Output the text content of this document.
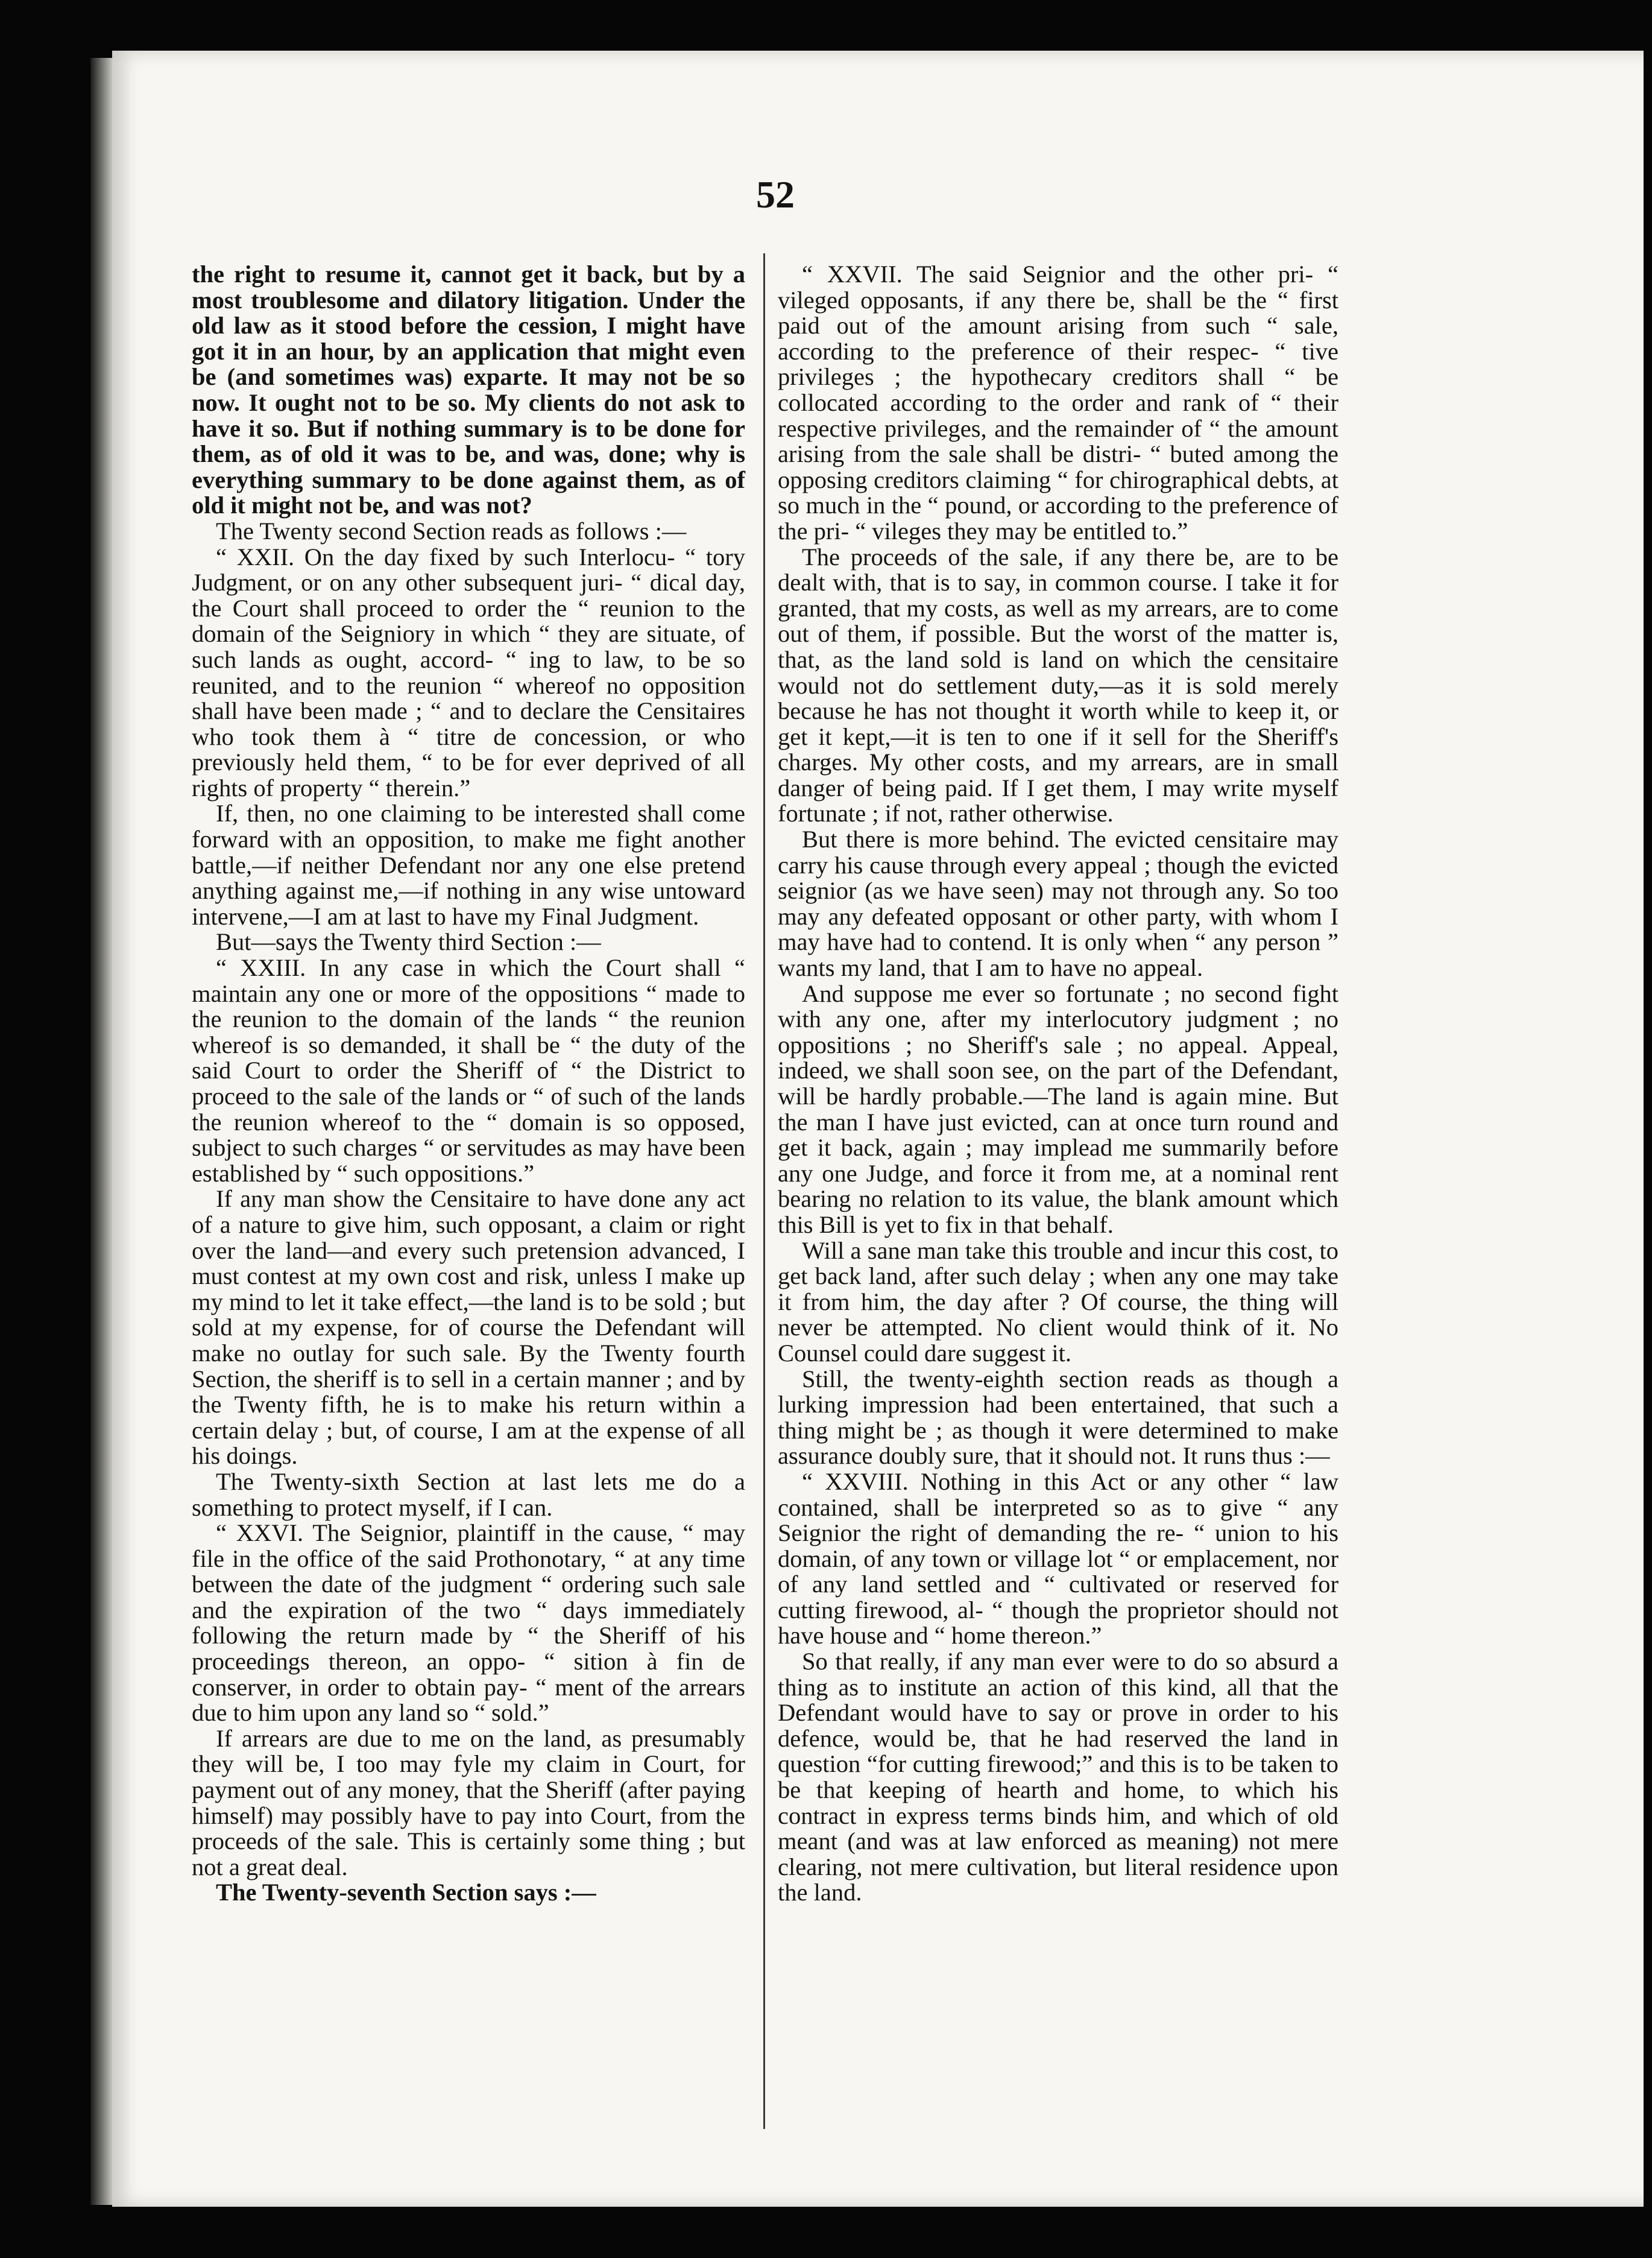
52

the right to resume it, cannot get it back, but by a most troublesome and dilatory litigation. Under the old law as it stood before the cession, I might have got it in an hour, by an application that might even be (and sometimes was) exparte. It may not be so now. It ought not to be so. My clients do not ask to have it so. But if nothing summary is to be done for them, as of old it was to be, and was, done; why is everything summary to be done against them, as of old it might not be, and was not?

The Twenty second Section reads as follows :—

“ XXII. On the day fixed by such Interlocu- “ tory Judgment, or on any other subsequent juri- “ dical day, the Court shall proceed to order the “ reunion to the domain of the Seigniory in which “ they are situate, of such lands as ought, accord- “ ing to law, to be so reunited, and to the reunion “ whereof no opposition shall have been made ; “ and to declare the Censitaires who took them à “ titre de concession, or who previously held them, “ to be for ever deprived of all rights of property “ therein.”

If, then, no one claiming to be interested shall come forward with an opposition, to make me fight another battle,—if neither Defendant nor any one else pretend anything against me,—if nothing in any wise untoward intervene,—I am at last to have my Final Judgment.

But—says the Twenty third Section :—

“ XXIII. In any case in which the Court shall “ maintain any one or more of the oppositions “ made to the reunion to the domain of the lands “ the reunion whereof is so demanded, it shall be “ the duty of the said Court to order the Sheriff of “ the District to proceed to the sale of the lands or “ of such of the lands the reunion whereof to the “ domain is so opposed, subject to such charges “ or servitudes as may have been established by “ such oppositions.”

If any man show the Censitaire to have done any act of a nature to give him, such opposant, a claim or right over the land—and every such pretension advanced, I must contest at my own cost and risk, unless I make up my mind to let it take effect,—the land is to be sold ; but sold at my expense, for of course the Defendant will make no outlay for such sale. By the Twenty fourth Section, the sheriff is to sell in a certain manner ; and by the Twenty fifth, he is to make his return within a certain delay ; but, of course, I am at the expense of all his doings.

The Twenty-sixth Section at last lets me do a something to protect myself, if I can.

“ XXVI. The Seignior, plaintiff in the cause, “ may file in the office of the said Prothonotary, “ at any time between the date of the judgment “ ordering such sale and the expiration of the two “ days immediately following the return made by “ the Sheriff of his proceedings thereon, an oppo- “ sition à fin de conserver, in order to obtain pay- “ ment of the arrears due to him upon any land so “ sold.”

If arrears are due to me on the land, as presumably they will be, I too may fyle my claim in Court, for payment out of any money, that the Sheriff (after paying himself) may possibly have to pay into Court, from the proceeds of the sale. This is certainly some thing ; but not a great deal.

The Twenty-seventh Section says :—

“ XXVII. The said Seignior and the other pri- “ vileged opposants, if any there be, shall be the “ first paid out of the amount arising from such “ sale, according to the preference of their respec- “ tive privileges ; the hypothecary creditors shall “ be collocated according to the order and rank of “ their respective privileges, and the remainder of “ the amount arising from the sale shall be distri- “ buted among the opposing creditors claiming “ for chirographical debts, at so much in the “ pound, or according to the preference of the pri- “ vileges they may be entitled to.”

The proceeds of the sale, if any there be, are to be dealt with, that is to say, in common course. I take it for granted, that my costs, as well as my arrears, are to come out of them, if possible. But the worst of the matter is, that, as the land sold is land on which the censitaire would not do settlement duty,—as it is sold merely because he has not thought it worth while to keep it, or get it kept,—it is ten to one if it sell for the Sheriff's charges. My other costs, and my arrears, are in small danger of being paid. If I get them, I may write myself fortunate ; if not, rather otherwise.

But there is more behind. The evicted censitaire may carry his cause through every appeal ; though the evicted seignior (as we have seen) may not through any. So too may any defeated opposant or other party, with whom I may have had to contend. It is only when “ any person ” wants my land, that I am to have no appeal.

And suppose me ever so fortunate ; no second fight with any one, after my interlocutory judgment ; no oppositions ; no Sheriff's sale ; no appeal. Appeal, indeed, we shall soon see, on the part of the Defendant, will be hardly probable.—The land is again mine. But the man I have just evicted, can at once turn round and get it back, again ; may implead me summarily before any one Judge, and force it from me, at a nominal rent bearing no relation to its value, the blank amount which this Bill is yet to fix in that behalf.

Will a sane man take this trouble and incur this cost, to get back land, after such delay ; when any one may take it from him, the day after ? Of course, the thing will never be attempted. No client would think of it. No Counsel could dare suggest it.

Still, the twenty-eighth section reads as though a lurking impression had been entertained, that such a thing might be ; as though it were determined to make assurance doubly sure, that it should not. It runs thus :—

“ XXVIII. Nothing in this Act or any other “ law contained, shall be interpreted so as to give “ any Seignior the right of demanding the re- “ union to his domain, of any town or village lot “ or emplacement, nor of any land settled and “ cultivated or reserved for cutting firewood, al- “ though the proprietor should not have house and “ home thereon.”

So that really, if any man ever were to do so absurd a thing as to institute an action of this kind, all that the Defendant would have to say or prove in order to his defence, would be, that he had reserved the land in question “for cutting firewood;” and this is to be taken to be that keeping of hearth and home, to which his contract in express terms binds him, and which of old meant (and was at law enforced as meaning) not mere clearing, not mere cultivation, but literal residence upon the land.
